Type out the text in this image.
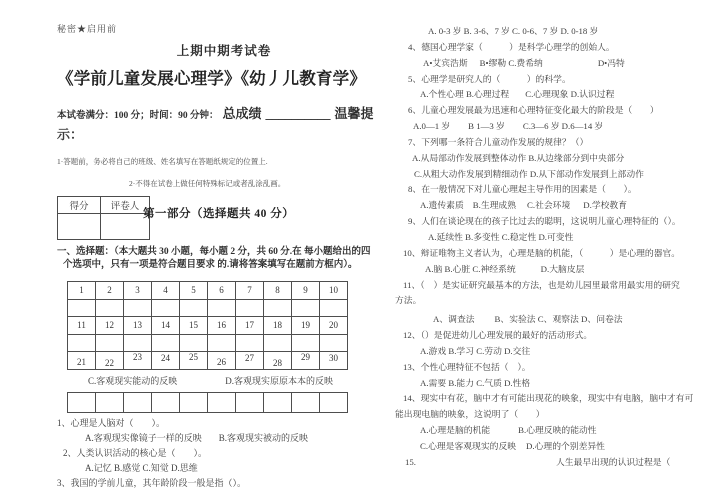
秘密★启用前
上期中期考试卷
《学前儿童发展心理学》《幼丿儿教育学》
本试卷满分：100 分；时间：90 分钟： 总成绩 __________ 温馨提
示：
1·答题前，务必将自己的班级、姓名填写在答题纸规定的位置上.
2·不得在试卷上做任何特殊标记或者乱涂乱画。
得分	评卷人

第一部分（选择题共 40 分）
一、选择题：（本大题共 30 小题，每小题 2 分，共 60 分.在 每小题给出的四
个选项中，只有一项是符合题目要求 的.请将答案填写在题前方框内）。
1	2	3	4	5	6	7	8	9	10

11	12	13	14	15	16	17	18	19	20

21	22	23	24	25	26	27	28	29	30
C.客观现实能动的反映	D.客观现实原原本本的反映

1、心理是人脑对（　　）。
A.客观现实像镜子一样的反映 B.客观现实被动的反映
2、人类认识活动的核心是（　　）。
A.记忆 B.感觉 C.知觉 D.思维
3、我国的学前儿童，其年龄阶段一般是指（）。
A. 0-3 岁 B. 3-6、7 岁 C. 0-6、7 岁 D. 0-18 岁
4、德国心理学家（　　　）是科学心理学的创始人。
A•艾宾浩斯 B•缪勒 C.费希纳	D•冯特
5、心理学是研究人的（　　　）的科学。
A.个性心理 B.心理过程 C.心理现象 D.认识过程
6、儿童心理发展最为迅速和心理特征变化最大的阶段是（　　）
A.0—1 岁 B 1—3 岁 C.3—6 岁 D.6—14 岁
7、下列哪一条符合儿童动作发展的规律？（）
A.从局部动作发展到整体动作 B.从边缘部分到中央部分
C.从粗大动作发展到精细动作 D.从下部动作发展到上部动作
8、在一般情况下对儿童心理起主导作用的因素是（　　）。
A.遗传素质 B.生理成熟 C.社会环境 D.学校教育
9、人们在谈论现在的孩子比过去的聪明，这说明儿童心理特征的（）。
A.延续性 B.多变性 C.稳定性 D.可变性
10、辩证唯物主义者认为，心理是脑的机能，（　　　）是心理的器官。
A.脑 B.心脏 C.神经系统	D.大脑皮层
11、（　）是实证研究最基本的方法，也是幼儿园里最常用最实用的研究
方法。
A、调查法 B、实验法 C、观察法 D、问卷法
12、（）是促进幼儿心理发展的最好的活动形式。
A.游戏 B.学习 C.劳动 D.交往
13、个性心理特征不包括（　）。
A.需要 B.能力 C.气质 D.性格
14、现实中有花，脑中才有可能出现花的映象，现实中有电脑，脑中才有可
能出现电脑的映象，这说明了（　　）
A.心理是脑的机能	B.心理反映的能动性
C.心理是客观现实的反映 D.心理的个别差异性
15.	人生最早出现的认识过程是（
